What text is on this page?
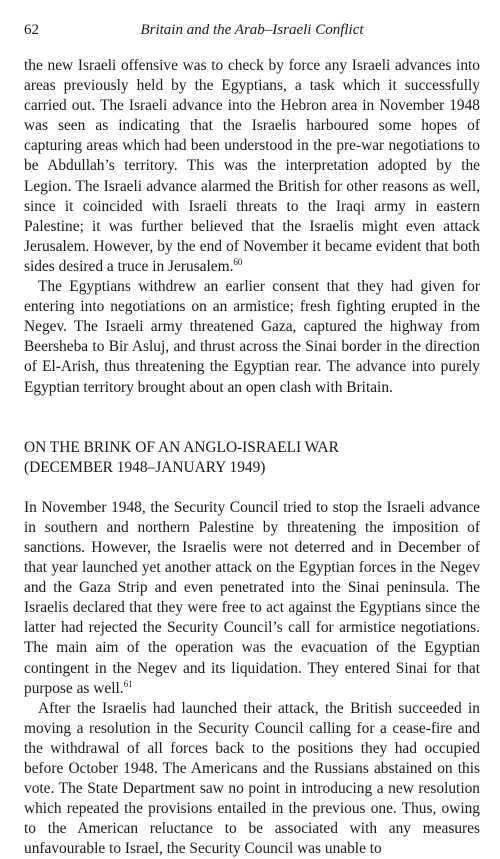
62	Britain and the Arab–Israeli Conflict

the new Israeli offensive was to check by force any Israeli advances into areas previously held by the Egyptians, a task which it successfully carried out. The Israeli advance into the Hebron area in November 1948 was seen as indicating that the Israelis harboured some hopes of capturing areas which had been understood in the pre-war negotiations to be Abdullah’s territory. This was the interpretation adopted by the Legion. The Israeli advance alarmed the British for other reasons as well, since it coincided with Israeli threats to the Iraqi army in eastern Palestine; it was further believed that the Israelis might even attack Jerusalem. However, by the end of November it became evident that both sides desired a truce in Jerusalem.$^{60}$

The Egyptians withdrew an earlier consent that they had given for entering into negotiations on an armistice; fresh fighting erupted in the Negev. The Israeli army threatened Gaza, captured the highway from Beersheba to Bir Asluj, and thrust across the Sinai border in the direction of El-Arish, thus threatening the Egyptian rear. The advance into purely Egyptian territory brought about an open clash with Britain.

ON THE BRINK OF AN ANGLO-ISRAELI WAR
(DECEMBER 1948–JANUARY 1949)

In November 1948, the Security Council tried to stop the Israeli advance in southern and northern Palestine by threatening the imposition of sanctions. However, the Israelis were not deterred and in December of that year launched yet another attack on the Egyptian forces in the Negev and the Gaza Strip and even penetrated into the Sinai peninsula. The Israelis declared that they were free to act against the Egyptians since the latter had rejected the Security Council’s call for armistice negotiations. The main aim of the operation was the evacuation of the Egyptian contingent in the Negev and its liquidation. They entered Sinai for that purpose as well.$^{61}$

After the Israelis had launched their attack, the British succeeded in moving a resolution in the Security Council calling for a cease-fire and the withdrawal of all forces back to the positions they had occupied before October 1948. The Americans and the Russians abstained on this vote. The State Department saw no point in introducing a new resolution which repeated the provisions entailed in the previous one. Thus, owing to the American reluctance to be associated with any measures unfavourable to Israel, the Security Council was unable to
